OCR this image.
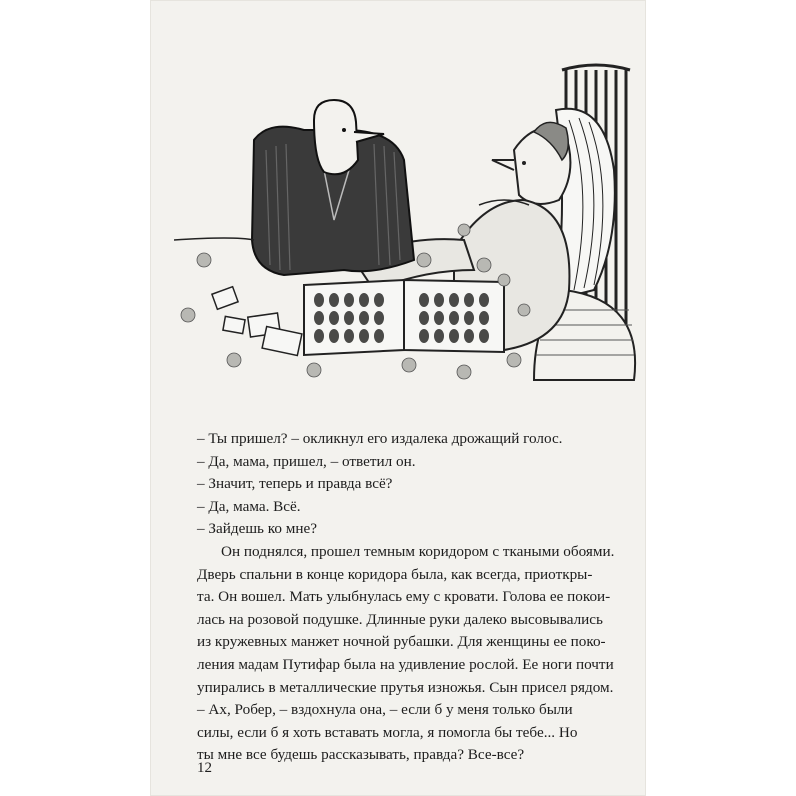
– Ты пришел? – окликнул его издалека дрожащий голос.

– Да, мама, пришел, – ответил он.

– Значит, теперь и правда всё?

– Да, мама. Всё.

– Зайдешь ко мне?

Он поднялся, прошел темным коридором с ткаными обоями.

Дверь спальни в конце коридора была, как всегда, приоткры-

та. Он вошел. Мать улыбнулась ему с кровати. Голова ее покои-

лась на розовой подушке. Длинные руки далеко высовывались

из кружевных манжет ночной рубашки. Для женщины ее поко-

ления мадам Путифар была на удивление рослой. Ее ноги почти

упирались в металлические прутья изножья. Сын присел рядом.

– Ах, Робер, – вздохнула она, – если б у меня только были

силы, если б я хоть вставать могла, я помогла бы тебе... Но

ты мне все будешь рассказывать, правда? Все-все?

12
